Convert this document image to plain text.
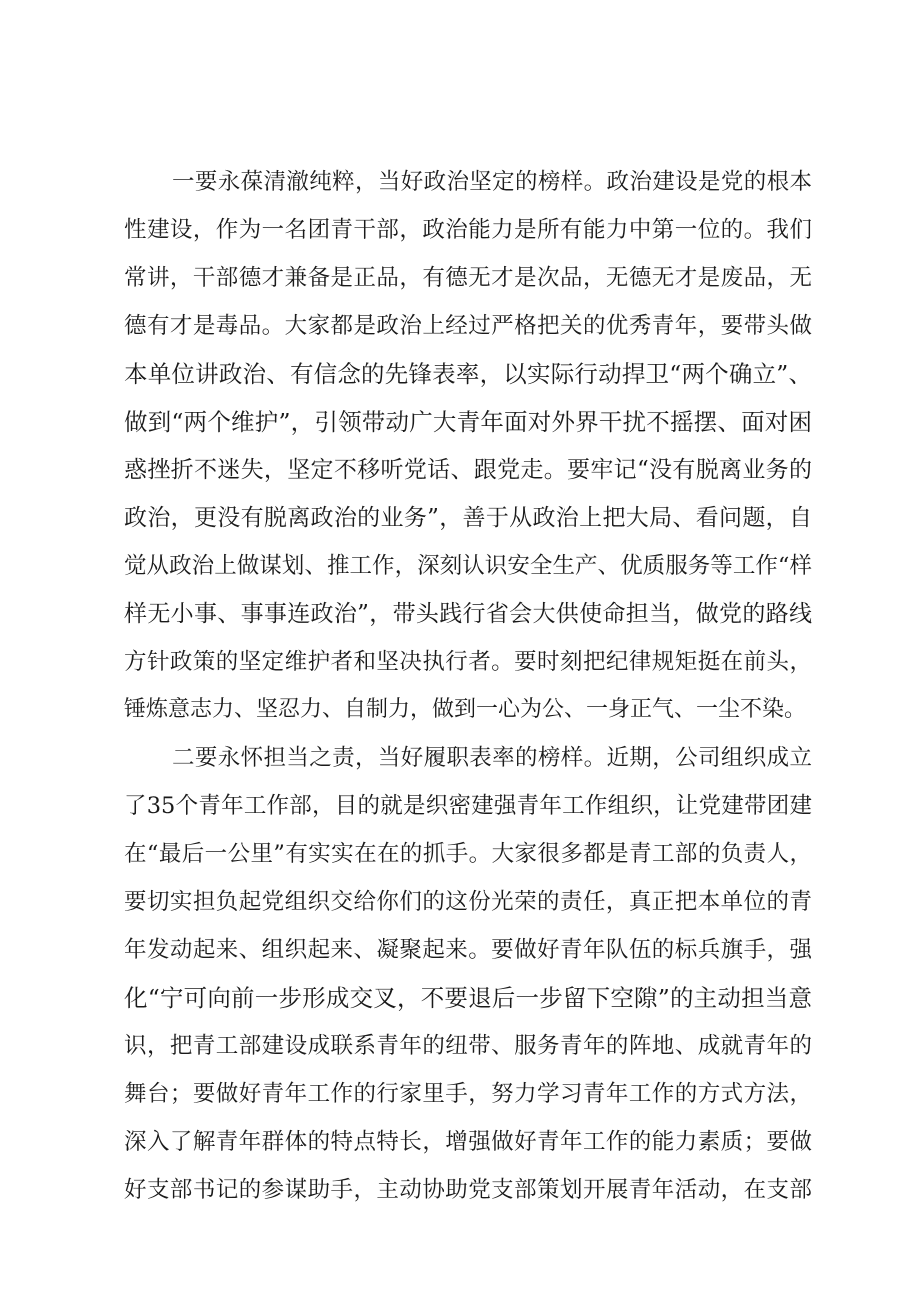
一要永葆清澈纯粹，当好政治坚定的榜样。政治建设是党的根本
性建设，作为一名团青干部，政治能力是所有能力中第一位的。我们
常讲，干部德才兼备是正品，有德无才是次品，无德无才是废品，无
德有才是毒品。大家都是政治上经过严格把关的优秀青年，要带头做
本单位讲政治、有信念的先锋表率，以实际行动捍卫“两个确立”、
做到“两个维护”，引领带动广大青年面对外界干扰不摇摆、面对困
惑挫折不迷失，坚定不移听党话、跟党走。要牢记“没有脱离业务的
政治，更没有脱离政治的业务”，善于从政治上把大局、看问题，自
觉从政治上做谋划、推工作，深刻认识安全生产、优质服务等工作“样
样无小事、事事连政治”，带头践行省会大供使命担当，做党的路线
方针政策的坚定维护者和坚决执行者。要时刻把纪律规矩挺在前头，
锤炼意志力、坚忍力、自制力，做到一心为公、一身正气、一尘不染。
二要永怀担当之责，当好履职表率的榜样。近期，公司组织成立
了35个青年工作部，目的就是织密建强青年工作组织，让党建带团建
在“最后一公里”有实实在在的抓手。大家很多都是青工部的负责人，
要切实担负起党组织交给你们的这份光荣的责任，真正把本单位的青
年发动起来、组织起来、凝聚起来。要做好青年队伍的标兵旗手，强
化“宁可向前一步形成交叉，不要退后一步留下空隙”的主动担当意
识，把青工部建设成联系青年的纽带、服务青年的阵地、成就青年的
舞台；要做好青年工作的行家里手，努力学习青年工作的方式方法，
深入了解青年群体的特点特长，增强做好青年工作的能力素质；要做
好支部书记的参谋助手，主动协助党支部策划开展青年活动，在支部
